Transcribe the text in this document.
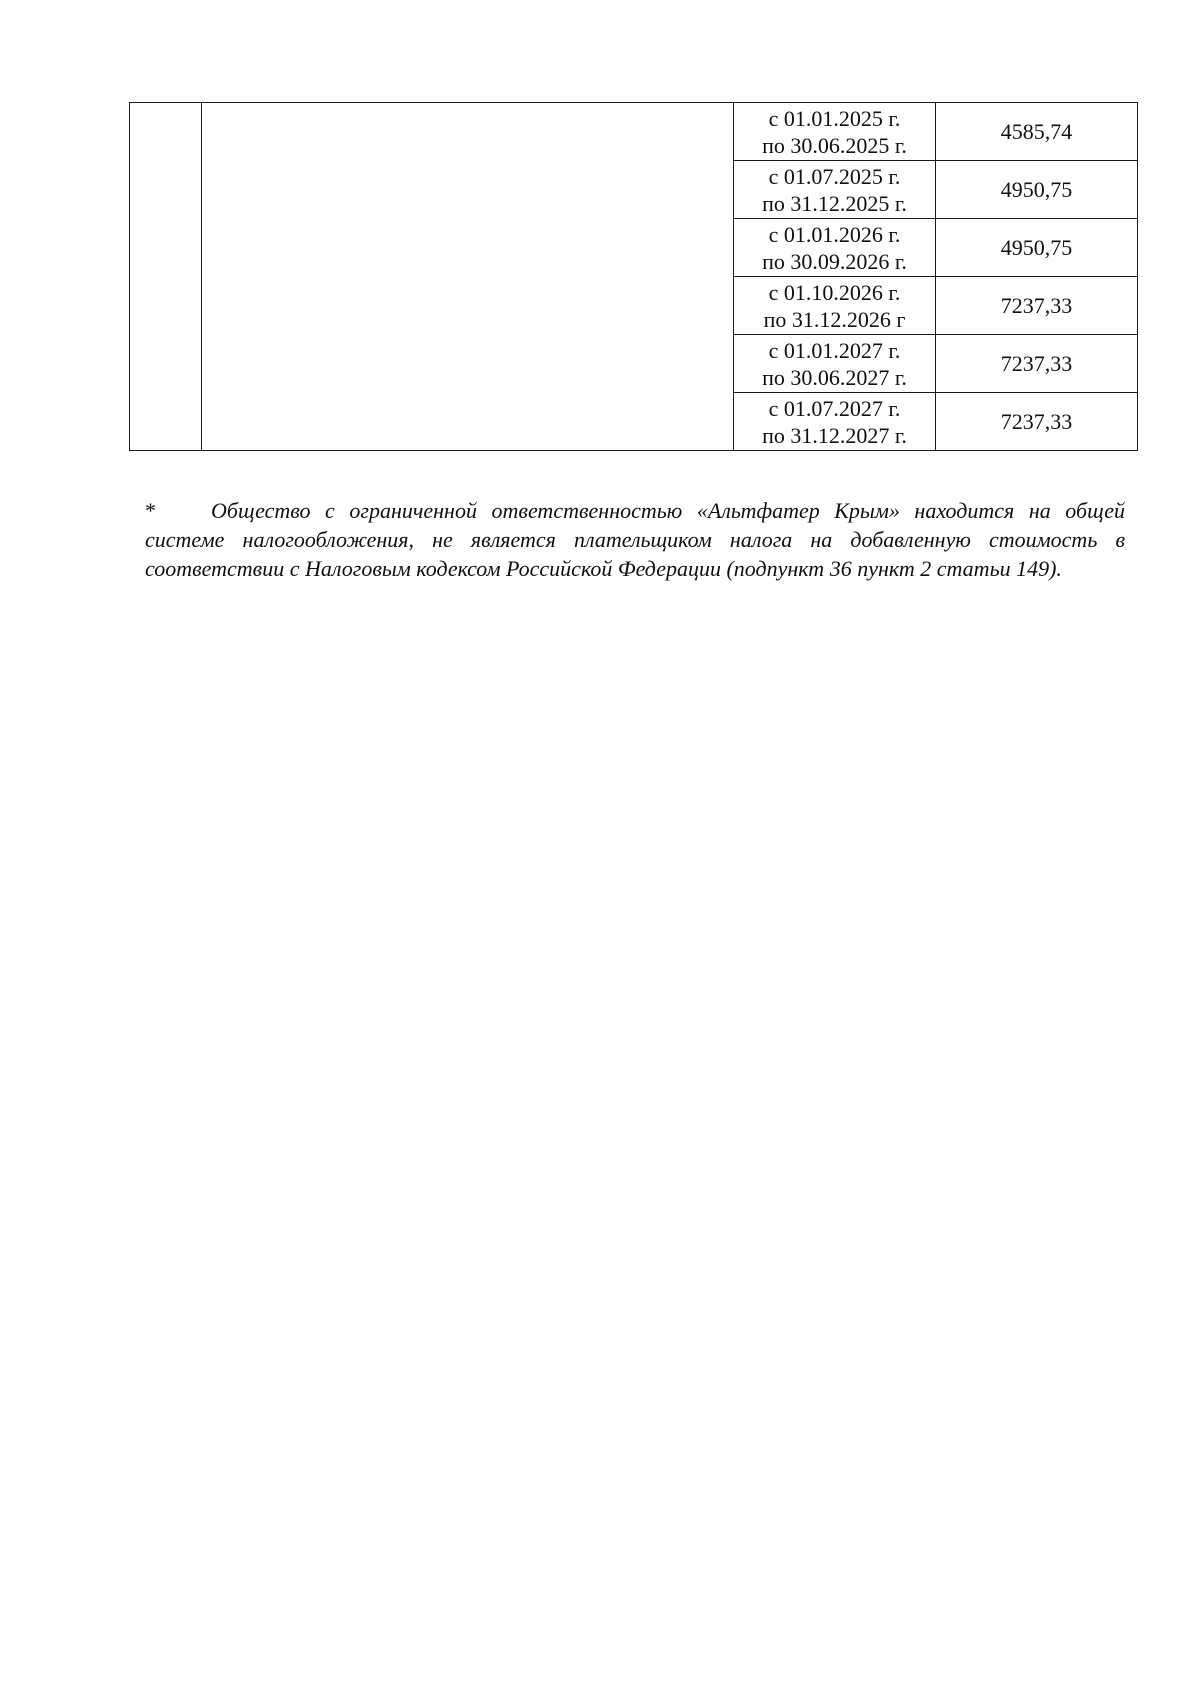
		с 01.01.2025 г.
по 30.06.2025 г.	4585,74

		с 01.07.2025 г.
по 31.12.2025 г.	4950,75

		с 01.01.2026 г.
по 30.09.2026 г.	4950,75

		с 01.10.2026 г.
по 31.12.2026 г	7237,33

		с 01.01.2027 г.
по 30.06.2027 г.	7237,33

		с 01.07.2027 г.
по 31.12.2027 г.	7237,33

*	Общество с ограниченной ответственностью «Альтфатер Крым» находится на общей системе налогообложения, не является плательщиком налога на добавленную стоимость в соответствии с Налоговым кодексом Российской Федерации (подпункт 36 пункт 2 статьи 149).
